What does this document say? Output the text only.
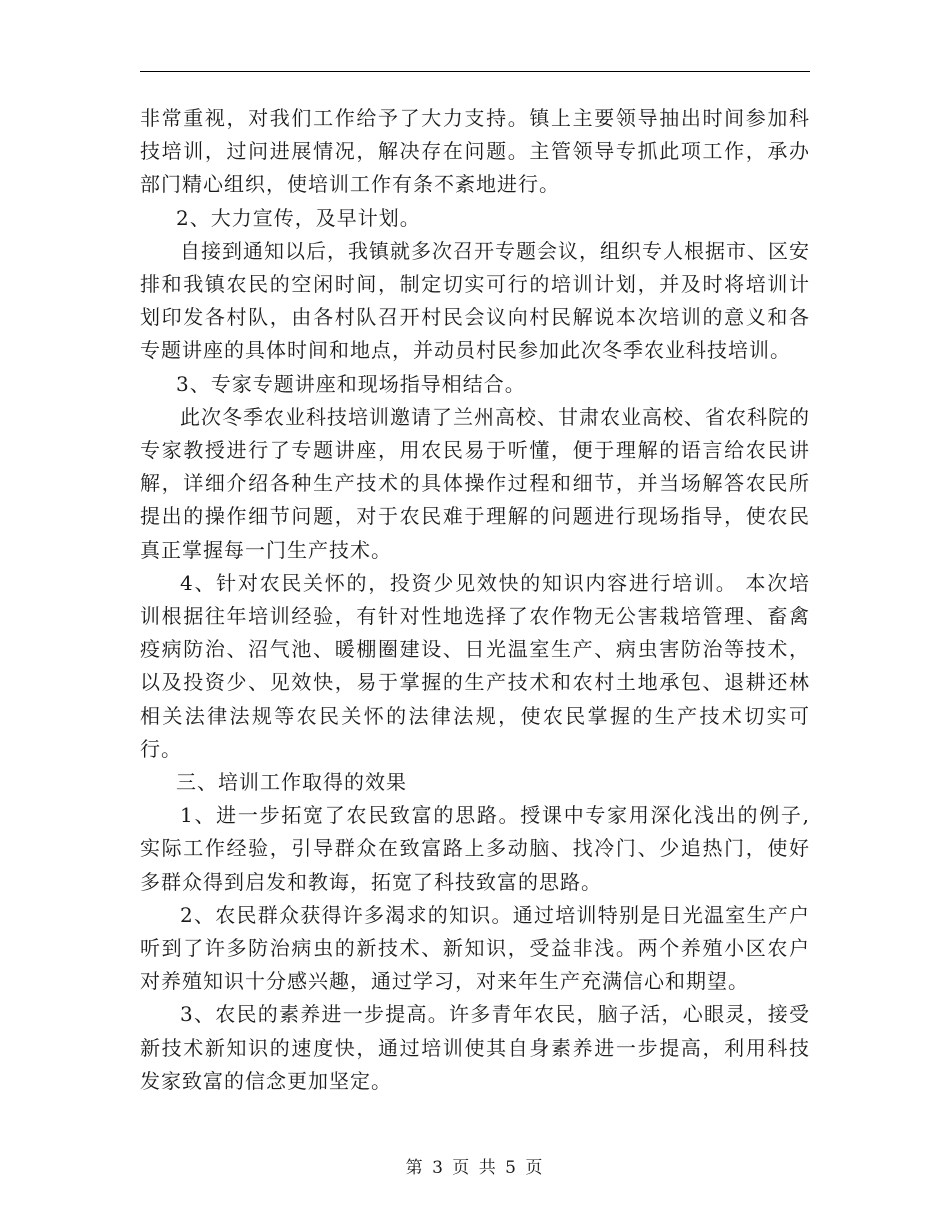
非常重视，对我们工作给予了大力支持。镇上主要领导抽出时间参加科技培训，过问进展情况，解决存在问题。主管领导专抓此项工作，承办部门精心组织，使培训工作有条不紊地进行。

2、大力宣传，及早计划。

自接到通知以后，我镇就多次召开专题会议，组织专人根据市、区安排和我镇农民的空闲时间，制定切实可行的培训计划，并及时将培训计划印发各村队，由各村队召开村民会议向村民解说本次培训的意义和各专题讲座的具体时间和地点，并动员村民参加此次冬季农业科技培训。

3、专家专题讲座和现场指导相结合。

此次冬季农业科技培训邀请了兰州高校、甘肃农业高校、省农科院的专家教授进行了专题讲座，用农民易于听懂，便于理解的语言给农民讲解，详细介绍各种生产技术的具体操作过程和细节，并当场解答农民所提出的操作细节问题，对于农民难于理解的问题进行现场指导，使农民真正掌握每一门生产技术。

4、针对农民关怀的，投资少见效快的知识内容进行培训。 本次培训根据往年培训经验，有针对性地选择了农作物无公害栽培管理、畜禽疫病防治、沼气池、暖棚圈建设、日光温室生产、病虫害防治等技术，以及投资少、见效快，易于掌握的生产技术和农村土地承包、退耕还林相关法律法规等农民关怀的法律法规，使农民掌握的生产技术切实可行。

三、培训工作取得的效果

1、进一步拓宽了农民致富的思路。授课中专家用深化浅出的例子,实际工作经验，引导群众在致富路上多动脑、找冷门、少追热门，使好多群众得到启发和教诲，拓宽了科技致富的思路。

2、农民群众获得许多渴求的知识。通过培训特别是日光温室生产户听到了许多防治病虫的新技术、新知识，受益非浅。两个养殖小区农户对养殖知识十分感兴趣，通过学习，对来年生产充满信心和期望。

3、农民的素养进一步提高。许多青年农民，脑子活，心眼灵，接受新技术新知识的速度快，通过培训使其自身素养进一步提高，利用科技发家致富的信念更加坚定。

第 3 页 共 5 页
